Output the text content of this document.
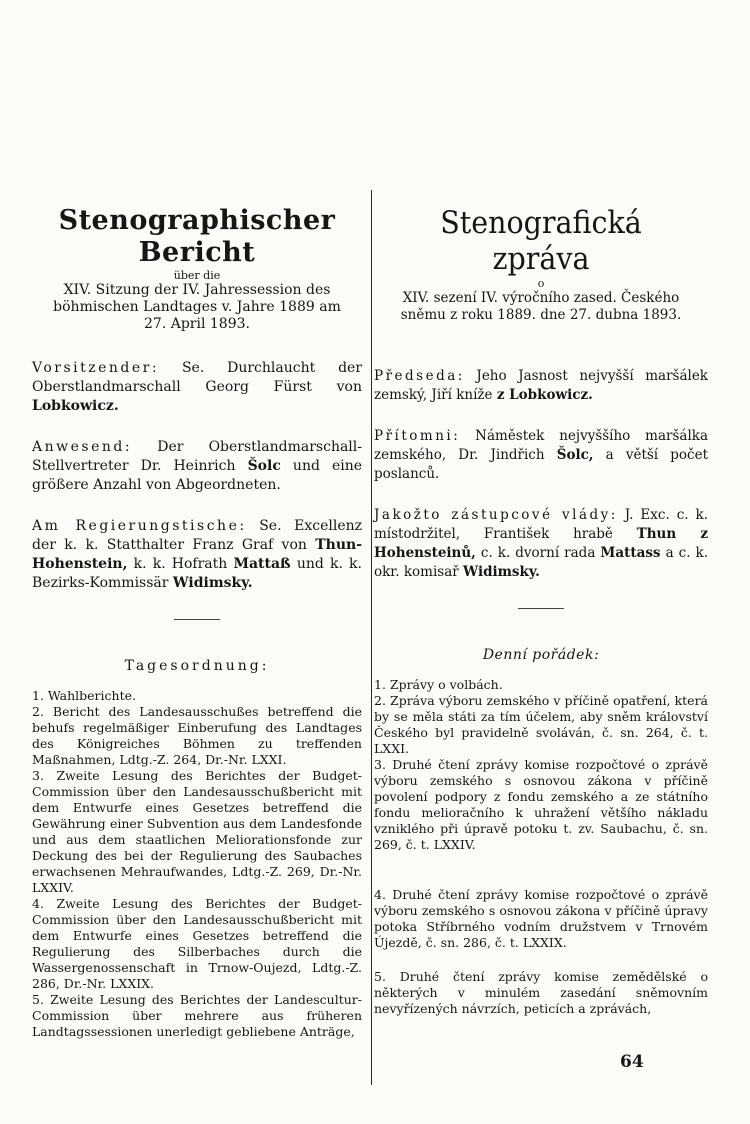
Stenographischer Bericht
über die
XIV. Sitzung der IV. Jahressession des
böhmischen Landtages v. Jahre 1889 am
27. April 1893.

Vorsitzender: Se. Durchlaucht der Oberstlandmarschall Georg Fürst von Lobkowicz.

Anwesend: Der Oberstlandmarschall-Stellvertreter Dr. Heinrich Šolc und eine größere Anzahl von Abgeordneten.

Am Regierungstische: Se. Excellenz der k. k. Statthalter Franz Graf von Thun-Hohenstein, k. k. Hofrath Mattaß und k. k. Bezirks-Kommissär Widimsky.

Tagesordnung:

1. Wahlberichte.

2. Bericht des Landesausschußes betreffend die behufs regelmäßiger Einberufung des Landtages des Königreiches Böhmen zu treffenden Maßnahmen, Ldtg.-Z. 264, Dr.-Nr. LXXI.

3. Zweite Lesung des Berichtes der Budget-Commission über den Landesausschußbericht mit dem Entwurfe eines Gesetzes betreffend die Gewährung einer Subvention aus dem Landesfonde und aus dem staatlichen Meliorationsfonde zur Deckung des bei der Regulierung des Saubaches erwachsenen Mehraufwandes, Ldtg.-Z. 269, Dr.-Nr. LXXIV.

4. Zweite Lesung des Berichtes der Budget-Commission über den Landesausschußbericht mit dem Entwurfe eines Gesetzes betreffend die Regulierung des Silberbaches durch die Wassergenossenschaft in Trnow-Oujezd, Ldtg.-Z. 286, Dr.-Nr. LXXIX.

5. Zweite Lesung des Berichtes der Landescultur-Commission über mehrere aus früheren Landtagssessionen unerledigt gebliebene Anträge,

Stenografická zpráva
o
XIV. sezení IV. výročního zased. Českého
sněmu z roku 1889. dne 27. dubna 1893.

Předseda: Jeho Jasnost nejvyšší maršálek zemský, Jiří kníže z Lobkowicz.

Přítomni: Náměstek nejvyššího maršálka zemského, Dr. Jindřich Šolc, a větší počet poslanců.

Jakožto zástupcové vlády: J. Exc. c. k. místodržitel, František hrabě Thun z Hohensteinů, c. k. dvorní rada Mattass a c. k. okr. komisař Widimsky.

Denní pořádek:

1. Zprávy o volbách.

2. Zpráva výboru zemského v příčině opatření, která by se měla státi za tím účelem, aby sněm království Českého byl pravidelně svoláván, č. sn. 264, č. t. LXXI.

3. Druhé čtení zprávy komise rozpočtové o zprávě výboru zemského s osnovou zákona v příčině povolení podpory z fondu zemského a ze státního fondu melioračního k uhražení většího nákladu vzniklého při úpravě potoku t. zv. Saubachu, č. sn. 269, č. t. LXXIV.

4. Druhé čtení zprávy komise rozpočtové o zprávě výboru zemského s osnovou zákona v příčině úpravy potoka Stříbrného vodním družstvem v Trnovém Újezdě, č. sn. 286, č. t. LXXIX.

5. Druhé čtení zprávy komise zemědělské o některých v minulém zasedání sněmovním nevyřízených návrzích, peticích a zprávách,

64
